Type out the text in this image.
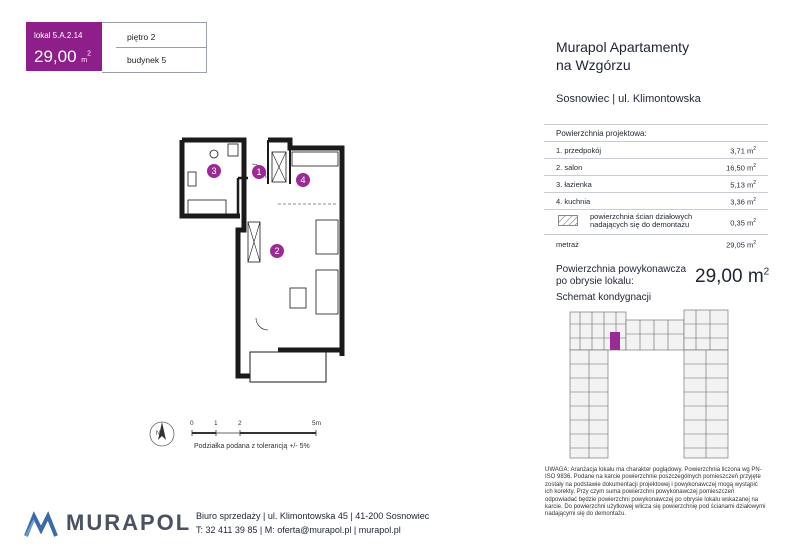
lokal 5.A.2.14
29,00 $m^2$
piętro 2
budynek 5
Murapol Apartamenty
na Wzgórzu
Sosnowiec | ul. Klimontowska
Powierzchnia projektowa:
1. przedpokój	3,71 $m^2$
2. salon	16,50 $m^2$
3. łazienka	5,13 $m^2$
4. kuchnia	3,36 $m^2$
powierzchnia ścian działowych
nadających się do demontażu	0,35 $m^2$
metraż	29,05 $m^2$
Powierzchnia powykonawcza
po obrysie lokalu:	29,00 $m^2$
Schemat kondygnacji
UWAGA: Aranżacja lokalu ma charakter poglądowy. Powierzchnia liczona wg PN-ISO 9836. Podane na karcie powierzchnie poszczególnych pomieszczeń przyjęte zostały na podstawie dokumentacji projektowej i powykonawczej mogą wystąpić ich korekty. Przy czym suma powierzchni powykonawczej pomieszczeń odpowiadać będzie powierzchni powykonawczej po obrysie lokalu wskazanej na karcie. Do powierzchni użytkowej wlicza się powierzchnię pod ścianami działowymi nadającymi się do demontażu.
1
2
3
4
N
0	1	2	5m
Podziałka podana z tolerancją +/- 5%
MURAPOL Biuro sprzedaży | ul. Klimontowska 45 | 41-200 Sosnowiec
T: 32 411 39 85 | M: oferta@murapol.pl | murapol.pl
